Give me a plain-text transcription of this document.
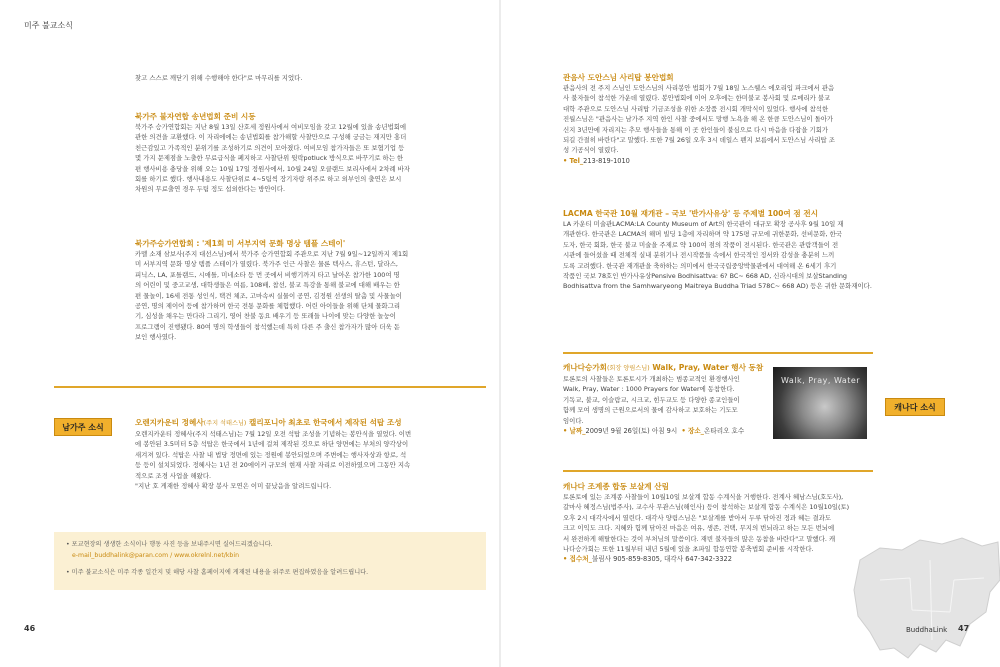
미주 불교소식

찾고 스스로 깨닫기 위해 수행해야 한다"로 마무리를 지었다.

북가주 불자연합 송년법회 준비 시동

북가주 승가연합회는 지난 8월 13일 산호세 정원사에서 여비모임을 갖고 12월에 있을 송년법회에

관한 의견을 교환했다. 이 자리에에는 송년법회를 참가해할 사찰만으로 구성해 궁금는 재지만 홍더

친근감있고 가족적인 분위기를 조성하기로 의견이 모아졌다. 여비모임 참가자들은 또 보협기업 등

몇 가지 문제점을 노출한 무료급식을 폐지하고 사찰단위 뒷락potluck 방식으로 바꾸기로 하는 한

편 행사비용 충당을 위해 오는 10월 17일 정원사에서, 10월 24일 오클랜드 보리사에서 2차례 바자

회를 하기로 했다. 행사내용도 사찰단위로 4~5팀씩 장기자랑 위주로 하고 외부인의 출연은 보시

차원의 무료출연 경우 두팀 정도 섭외한다는 방안이다.

북가주승가연합회 : '제1회 미 서부지역 문화 명상 템플 스테이'

카멜 소재 삼보사(주지 대선스님)에서 북가주 승가연합회 주관으로 지난 7월 9일~12일까지 제1회

미 서부지역 문화 명상 템플 스테이가 열렸다. 북가주 인근 사찰은 물론 텍사스, 휴스턴, 달라스,

피닉스, LA, 포틀랜드, 시애틀, 미네소타 등 먼 곳에서 비행기까지 타고 날아온 참가한 100여 명

의 어린이 및 중고교생, 대학생들은 여름, 108배, 참선, 불교 특강을 통해 불교에 대해 배우는 한

편 물놀이, 16세 전통 성인식, 택견 체조, 고마속씨 실물이 공연, 김정원 선생의 탈춤 및 사물놀이

공연, 명의 제이어 등에 참가하며 한국 전통 문화를 체험했다. 어린 아이들을 위해 단체 물화그리

기, 심성을 채우는 만다라 그리기, 영어 찬불 동요 배우기 등 또래들 나이에 맞는 다양한 놀눙이

프로그램이 진행됐다. 80여 명의 학생들이 참석했는데 특히 다른 주 출신 참가자가 많아 더욱 돋

보인 행사였다.

남가주 소식	오렌지카운티 정혜사(주지 석태스님) 캘리포니아 최초로 한국에서 제작된 석탑 조성

오렌지카운티 정혜사(주지 석태스님)는 7월 12일 오전 석탑 조성을 기념하는 봉안식을 열었다. 이번

에 봉안된 3.5미터 5층 석탑은 한국에서 1년에 걸쳐 제작된 것으로 하단 양면에는 부처의 양각상이

새겨져 있다. 석탑은 사찰 내 법당 정면에 있는 정원에 봉안되었으며 주변에는 행사자상과 항로, 석

등 등이 설치되었다. 정혜사는 1년 전 20에이커 규모의 현재 사찰 자리로 이전하였으며 그동안 지속

적으로 조경 사업을 해왔다.

"지난 호 게재한 정혜사 확장 봉사 모연은 이미 끝났음을 알려드립니다.

• 포교현장의 생생한 소식이나 행동 사진 등을 보내주시면 실어드리겠습니다.
e-mail_buddhalink@paran.com / www.okrelnl.net/kbin
• 미주 불교소식은 미주 각종 일간지 및 해당 사찰 홈페이지에 게재된 내용을 위주로 편집하였음을 알려드립니다.
46

관음사 도안스님 사리탑 봉안법회

관음사의 전 주지 스님인 도안스님의 사리봉안 법회가 7월 18일 노스웰스 에오리입 파크에서 관음

사 불자들이 참석한 가운데 열렸다. 봉안법회에 이어 오후에는 한미불교 봉사회 및 로메리카 불교

대학 주관으로 도안스님 사리탑 기금조성을 위한 소장품 전시회 개막식이 있었다. 행사에 참석한

진월스님은 "관음사는 남가주 지역 한인 사찰 중에서도 망행 노욕을 해 온 한큼 도안스님이 돌아가

신지 3년만에 자리지는 추모 행사들을 통해 이 곳 한인들이 불심으로 다시 마음을 다잡을 기회가

되길 간절히 바란다"고 말했다. 또한 7월 26일 오후 3시 데일스 펜지 보름에서 도안스님 사리탑 조

성 기공식이 열렸다.

• Tel_213-819-1010

LACMA 한국관 10월 재개관 – 국보 '반가사유상' 등 주제별 100여 점 전시

LA 카운티 미술관LACMA:LA County Museum of Art의 한국관이 대규모 확장 공사후 9월 10일 재

개관한다. 한국관은 LACMA의 해머 빌딩 1층에 자리하며 약 175평 규모에 귀한문화, 선비문화, 한국

도자, 한국 회화, 한국 불교 미술을 주제로 약 100여 점의 작품이 전시된다. 한국관은 관람객들이 전

시관에 들어섰을 때 전체적 실내 분위기나 전시작품들 속에서 한국적인 정서와 감성을 충분히 느끼

도록 고려했다. 한국관 재개관을 축하하는 의미에서 한국국립중앙박물관에서 대여해 온 6세기 후기

작품인 국보 78호인 반가사유상Pensive Bodhisattva: 6? BC~ 668 AD, 신라시대의 보살Standing

Bodhisattva from the Samhwaryeong Maitreya Buddha Triad 578C~ 668 AD) 등은 귀한 문화재이다.

캐나다승가회(회장 양림스님) Walk, Pray, Water 행사 동참

토론토의 사찰들은 토론토시가 개최하는 범종교적인 환경행사인

Walk, Pray, Water : 1000 Prayers for Water에 동참한다.

기독교, 불교, 이슬람교, 시크교, 힌두교도 등 다양한 종교인들이

함께 모여 생명의 근원으로서의 물에 감사하고 보호하는 기도모

임이다.

• 날짜_2009년 9월 26일(토) 아침 9시 • 장소_온타리오 호수

Walk, Pray, Water
캐나다 소식

캐나다 조계종 합동 보살계 산림

토론토에 있는 조계종 사찰들이 10월10일 보살계 합동 수계식을 거행한다. 전계사 혜남스님(호도사),

갈마사 혜정스님(법주사), 교수사 무관스님(해인사) 등이 참석하는 보살계 합동 수계식은 10월10일(토)

오후 2시 대각사에서 열린다. 대각사 양림스님은 "보살계를 받아서 두루 닦아진 정과 혜는 결과도

크고 이익도 크다. 지혜와 힘께 닦아진 마음은 여유, 생존, 견택, 무지의 번뇌라고 하는 모든 번뇌에

서 완전하게 해탈한다는 것이 부처님의 말씀이다. 재빈 불자들의 많은 동참을 바란다"고 말했다. 캐

나다승가회는 또한 11월부터 내년 5월에 있을 초파일 합동연합 봉축법회 준비를 시작한다.

• 접수처_불림사 905-859-8305, 대각사 647-342-3322

BuddhaLink 47
